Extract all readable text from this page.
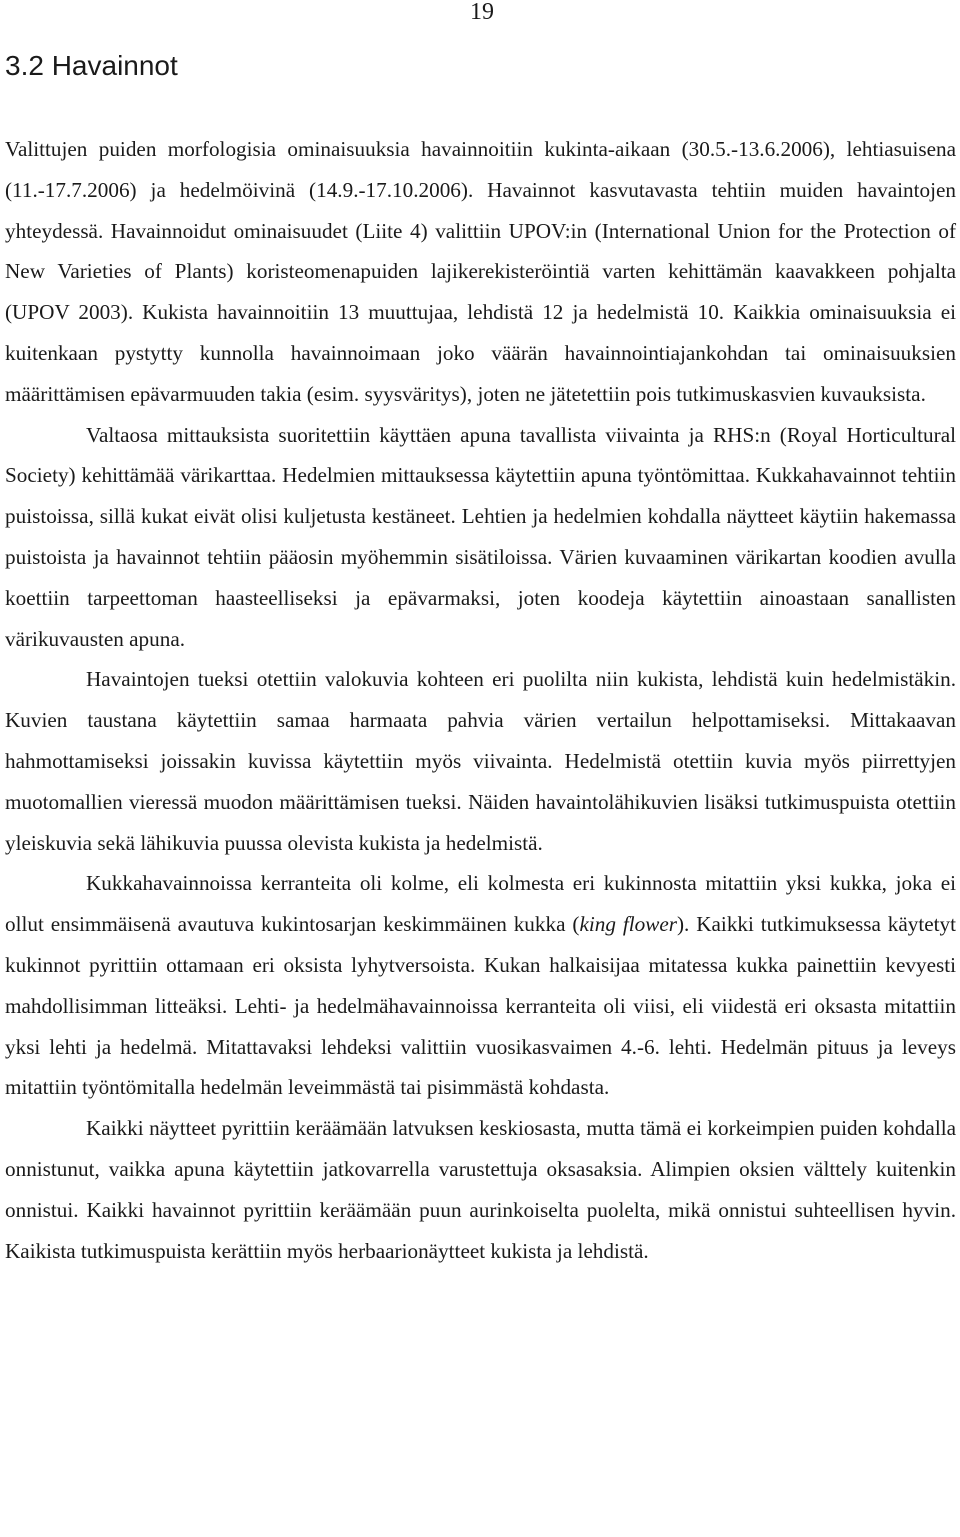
19
3.2 Havainnot

Valittujen puiden morfologisia ominaisuuksia havainnoitiin kukinta-aikaan (30.5.-13.6.2006), lehtiasuisena (11.-17.7.2006) ja hedelmöivinä (14.9.-17.10.2006). Havainnot kasvutavasta tehtiin muiden havaintojen yhteydessä. Havainnoidut ominaisuudet (Liite 4) valittiin UPOV:in (International Union for the Protection of New Varieties of Plants) koristeomenapuiden lajikerekisteröintiä varten kehittämän kaavakkeen pohjalta (UPOV 2003). Kukista havainnoitiin 13 muuttujaa, lehdistä 12 ja hedelmistä 10. Kaikkia ominaisuuksia ei kuitenkaan pystytty kunnolla havainnoimaan joko väärän havainnointiajankohdan tai ominaisuuksien määrittämisen epävarmuuden takia (esim. syysväritys), joten ne jätetettiin pois tutkimuskasvien kuvauksista.

Valtaosa mittauksista suoritettiin käyttäen apuna tavallista viivainta ja RHS:n (Royal Horticultural Society) kehittämää värikarttaa. Hedelmien mittauksessa käytettiin apuna työntömittaa. Kukkahavainnot tehtiin puistoissa, sillä kukat eivät olisi kuljetusta kestäneet. Lehtien ja hedelmien kohdalla näytteet käytiin hakemassa puistoista ja havainnot tehtiin pääosin myöhemmin sisätiloissa. Värien kuvaaminen värikartan koodien avulla koettiin tarpeettoman haasteelliseksi ja epävarmaksi, joten koodeja käytettiin ainoastaan sanallisten värikuvausten apuna.

Havaintojen tueksi otettiin valokuvia kohteen eri puolilta niin kukista, lehdistä kuin hedelmistäkin. Kuvien taustana käytettiin samaa harmaata pahvia värien vertailun helpottamiseksi. Mittakaavan hahmottamiseksi joissakin kuvissa käytettiin myös viivainta. Hedelmistä otettiin kuvia myös piirrettyjen muotomallien vieressä muodon määrittämisen tueksi. Näiden havaintolähikuvien lisäksi tutkimuspuista otettiin yleiskuvia sekä lähikuvia puussa olevista kukista ja hedelmistä.

Kukkahavainnoissa kerranteita oli kolme, eli kolmesta eri kukinnosta mitattiin yksi kukka, joka ei ollut ensimmäisenä avautuva kukintosarjan keskimmäinen kukka (king flower). Kaikki tutkimuksessa käytetyt kukinnot pyrittiin ottamaan eri oksista lyhytversoista. Kukan halkaisijaa mitatessa kukka painettiin kevyesti mahdollisimman litteäksi. Lehti- ja hedelmähavainnoissa kerranteita oli viisi, eli viidestä eri oksasta mitattiin yksi lehti ja hedelmä. Mitattavaksi lehdeksi valittiin vuosikasvaimen 4.-6. lehti. Hedelmän pituus ja leveys mitattiin työntömitalla hedelmän leveimmästä tai pisimmästä kohdasta.

Kaikki näytteet pyrittiin keräämään latvuksen keskiosasta, mutta tämä ei korkeimpien puiden kohdalla onnistunut, vaikka apuna käytettiin jatkovarrella varustettuja oksasaksia. Alimpien oksien välttely kuitenkin onnistui. Kaikki havainnot pyrittiin keräämään puun aurinkoiselta puolelta, mikä onnistui suhteellisen hyvin. Kaikista tutkimuspuista kerättiin myös herbaarionäytteet kukista ja lehdistä.
